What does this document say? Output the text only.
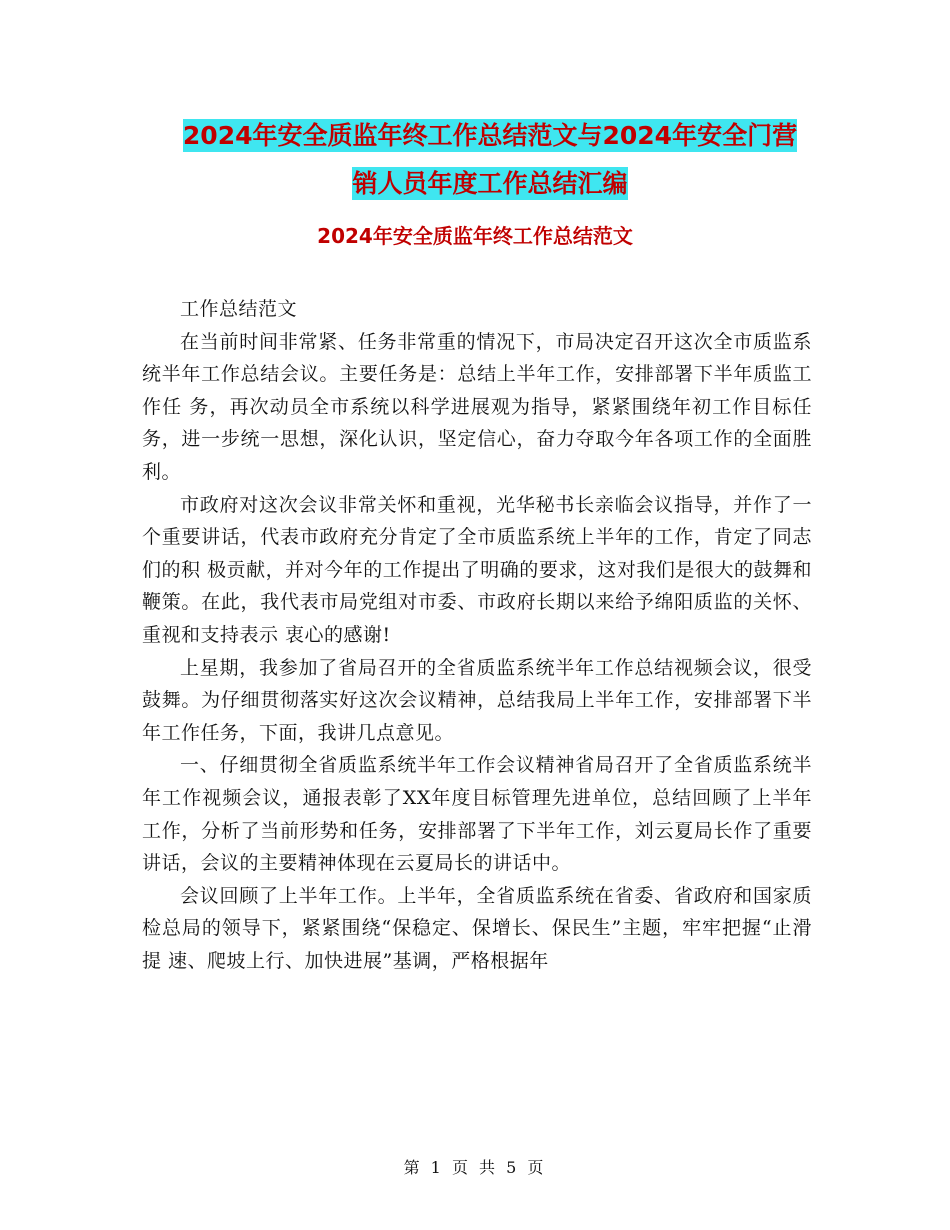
2024年安全质监年终工作总结范文与2024年安全门营
销人员年度工作总结汇编
2024年安全质监年终工作总结范文

工作总结范文

在当前时间非常紧、任务非常重的情况下，市局决定召开这次全市质监系统半年工作总结会议。主要任务是：总结上半年工作，安排部署下半年质监工作任 务，再次动员全市系统以科学进展观为指导，紧紧围绕年初工作目标任务，进一步统一思想，深化认识，坚定信心，奋力夺取今年各项工作的全面胜利。

市政府对这次会议非常关怀和重视，光华秘书长亲临会议指导，并作了一个重要讲话，代表市政府充分肯定了全市质监系统上半年的工作，肯定了同志们的积 极贡献，并对今年的工作提出了明确的要求，这对我们是很大的鼓舞和鞭策。在此，我代表市局党组对市委、市政府长期以来给予绵阳质监的关怀、重视和支持表示 衷心的感谢!

上星期，我参加了省局召开的全省质监系统半年工作总结视频会议，很受鼓舞。为仔细贯彻落实好这次会议精神，总结我局上半年工作，安排部署下半年工作任务，下面，我讲几点意见。

一、仔细贯彻全省质监系统半年工作会议精神省局召开了全省质监系统半年工作视频会议，通报表彰了XX年度目标管理先进单位，总结回顾了上半年工作，分析了当前形势和任务，安排部署了下半年工作，刘云夏局长作了重要讲话，会议的主要精神体现在云夏局长的讲话中。

会议回顾了上半年工作。上半年，全省质监系统在省委、省政府和国家质检总局的领导下，紧紧围绕“保稳定、保增长、保民生”主题，牢牢把握“止滑提 速、爬坡上行、加快进展”基调，严格根据年

第 1 页 共 5 页
